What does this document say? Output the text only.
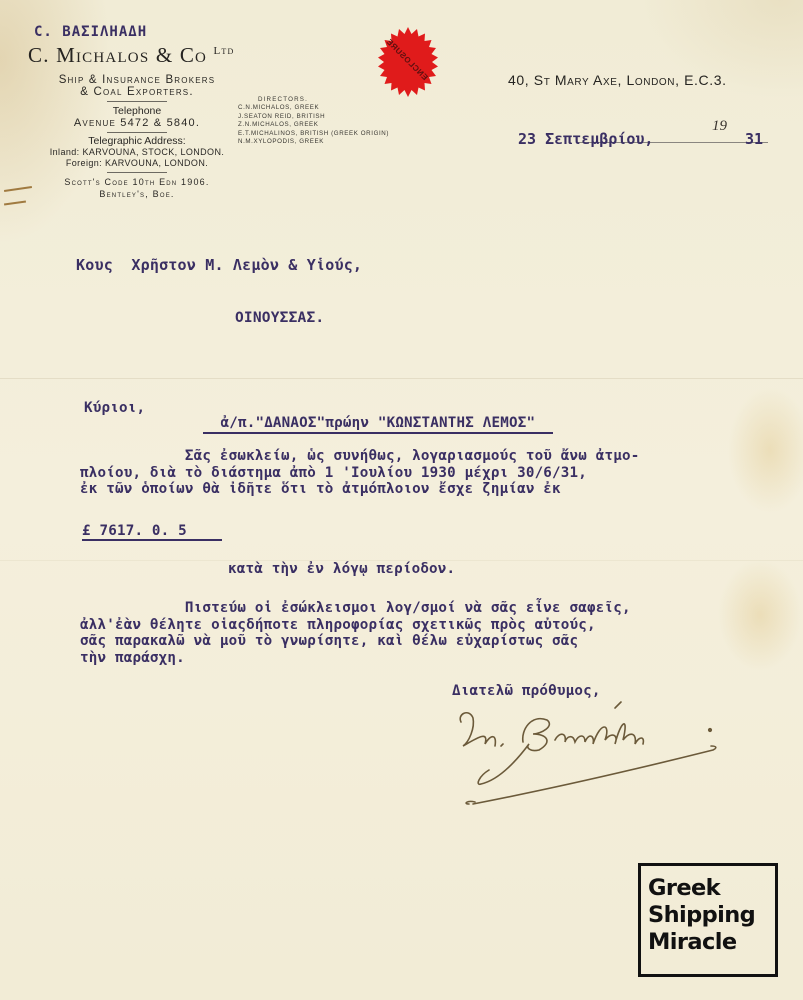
C. ΒΑΣΙΛΗΑΔΗ
C. Michalos & Co $^{Ltd}$
Ship & Insurance Brokers
& Coal Exporters.
Telephone
Avenue 5472 & 5840.
Telegraphic Address:
Inland: KARVOUNA, STOCK, LONDON.
Foreign: KARVOUNA, LONDON.
Scott's Code 10th Edn 1906.
Bentley's, Boe.
DIRECTORS.
C.N.MICHALOS, GREEK
J.SEATON REID, BRITISH
Z.N.MICHALOS, GREEK
E.T.MICHALINOS, BRITISH (GREEK ORIGIN)
N.M.XYLOPODIS, GREEK
ENCLOSURE	40, St Mary Axe, London, E.C.3.
23 Σεπτεμβρίου,
19
31
Κους  Χρῆστον Μ. Λεμὸν & Υἱούς,
ΟΙΝΟΥΣΣΑΣ.
Κύριοι,
ἀ/π."ΔΑΝΑΟΣ"πρώην "ΚΩΝΣΤΑΝΤΗΣ ΛΕΜΟΣ"
Σᾶς ἐσωκλείω, ὡς συνήθως, λογαριασμούς τοῦ ἄνω ἀτμο-
πλοίου, διὰ τὸ διάστημα ἀπὸ 1 'Ιουλίου 1930 μέχρι 30/6/31,
ἐκ τῶν ὁποίων θὰ ἰδῆτε ὅτι τὸ ἀτμόπλοιον ἔσχε ζημίαν ἐκ
£ 7617. 0. 5
κατὰ τὴν ἐν λόγῳ περίοδον.
Πιστεύω οἱ ἐσώκλεισμοι λογ/σμοί νὰ σᾶς εἶνε σαφεῖς,
ἀλλ'ἐὰν θέλητε οἱαςδήποτε πληροφορίας σχετικῶς πρὸς αὐτούς,
σᾶς παρακαλῶ νὰ μοῦ τὸ γνωρίσητε, καὶ θέλω εὐχαρίστως σᾶς
τὴν παράσχη.
Διατελῶ πρόθυμος,
Greek
Shipping
Miracle
